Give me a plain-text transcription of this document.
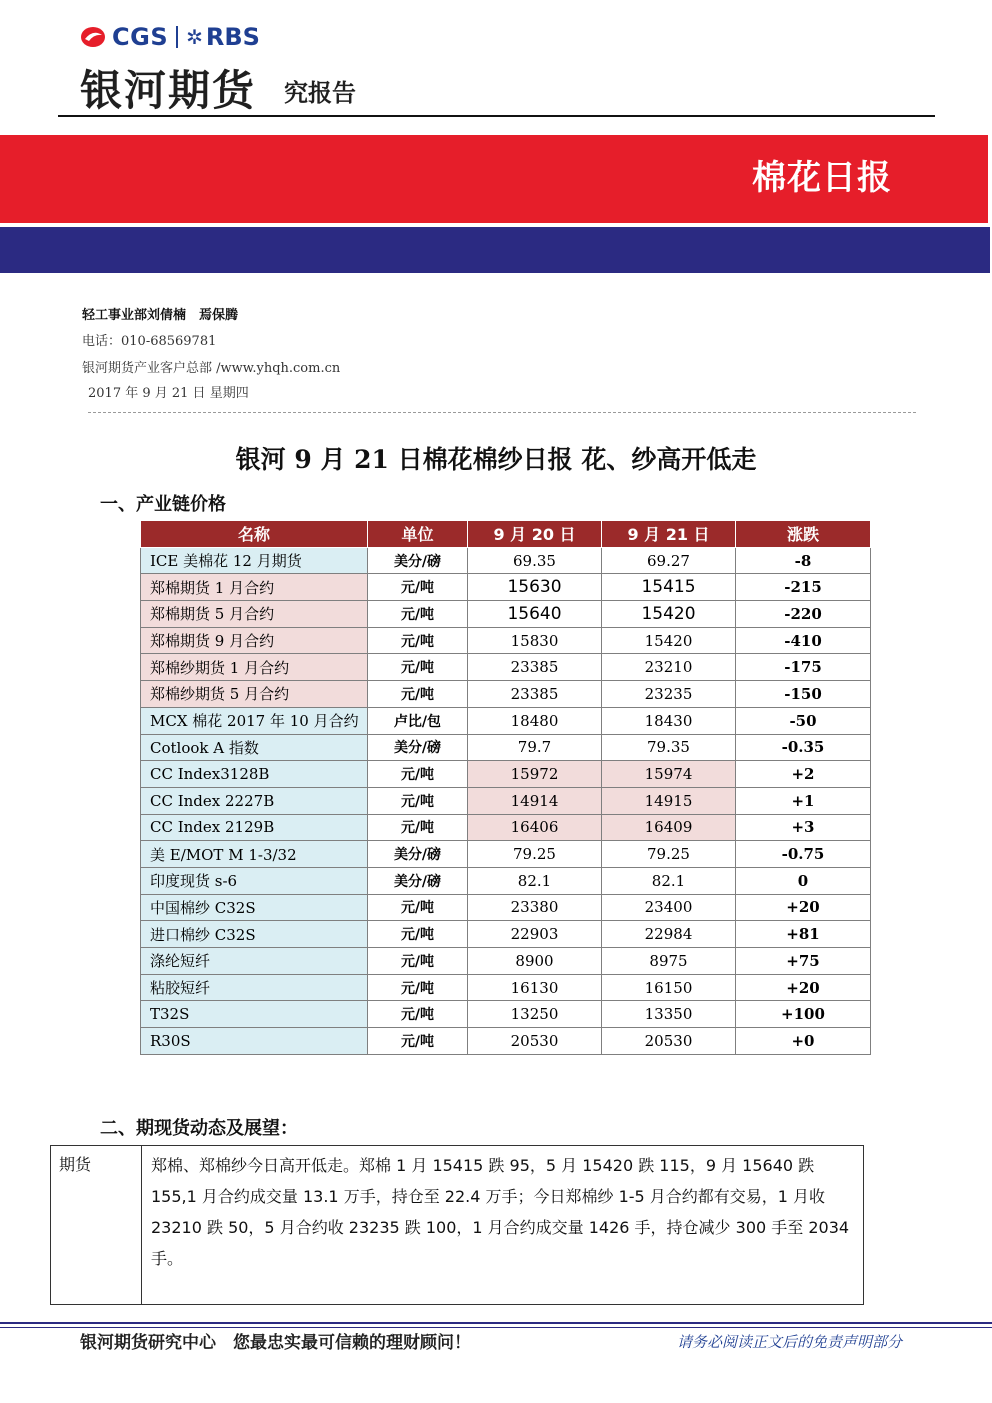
CGS ✲ RBS
银河期货 究报告
棉花日报
轻工事业部刘倩楠　焉保腾
电话：010-68569781
银河期货产业客户总部 /www.yhqh.com.cn
2017 年 9 月 21 日 星期四
银河 9 月 21 日棉花棉纱日报 花、纱高开低走
一、产业链价格
名称	单位	9 月 20 日	9 月 21 日	涨跌
ICE 美棉花 12 月期货	美分/磅	69.35	69.27	-8
郑棉期货 1 月合约	元/吨	15630	15415	-215
郑棉期货 5 月合约	元/吨	15640	15420	-220
郑棉期货 9 月合约	元/吨	15830	15420	-410
郑棉纱期货 1 月合约	元/吨	23385	23210	-175
郑棉纱期货 5 月合约	元/吨	23385	23235	-150
MCX 棉花 2017 年 10 月合约	卢比/包	18480	18430	-50
Cotlook A 指数	美分/磅	79.7	79.35	-0.35
CC Index3128B	元/吨	15972	15974	+2
CC Index 2227B	元/吨	14914	14915	+1
CC Index 2129B	元/吨	16406	16409	+3
美 E/MOT M 1-3/32	美分/磅	79.25	79.25	-0.75
印度现货 s-6	美分/磅	82.1	82.1	0
中国棉纱 C32S	元/吨	23380	23400	+20
进口棉纱 C32S	元/吨	22903	22984	+81
涤纶短纤	元/吨	8900	8975	+75
粘胶短纤	元/吨	16130	16150	+20
T32S	元/吨	13250	13350	+100
R30S	元/吨	20530	20530	+0
二、期现货动态及展望：
期货	郑棉、郑棉纱今日高开低走。郑棉 1 月 15415 跌 95，5 月 15420 跌 115，9 月 15640 跌 155,1 月合约成交量 13.1 万手，持仓至 22.4 万手；今日郑棉纱 1-5 月合约都有交易，1 月收 23210 跌 50，5 月合约收 23235 跌 100，1 月合约成交量 1426 手，持仓减少 300 手至 2034 手。
银河期货研究中心　您最忠实最可信赖的理财顾问！	请务必阅读正文后的免责声明部分
